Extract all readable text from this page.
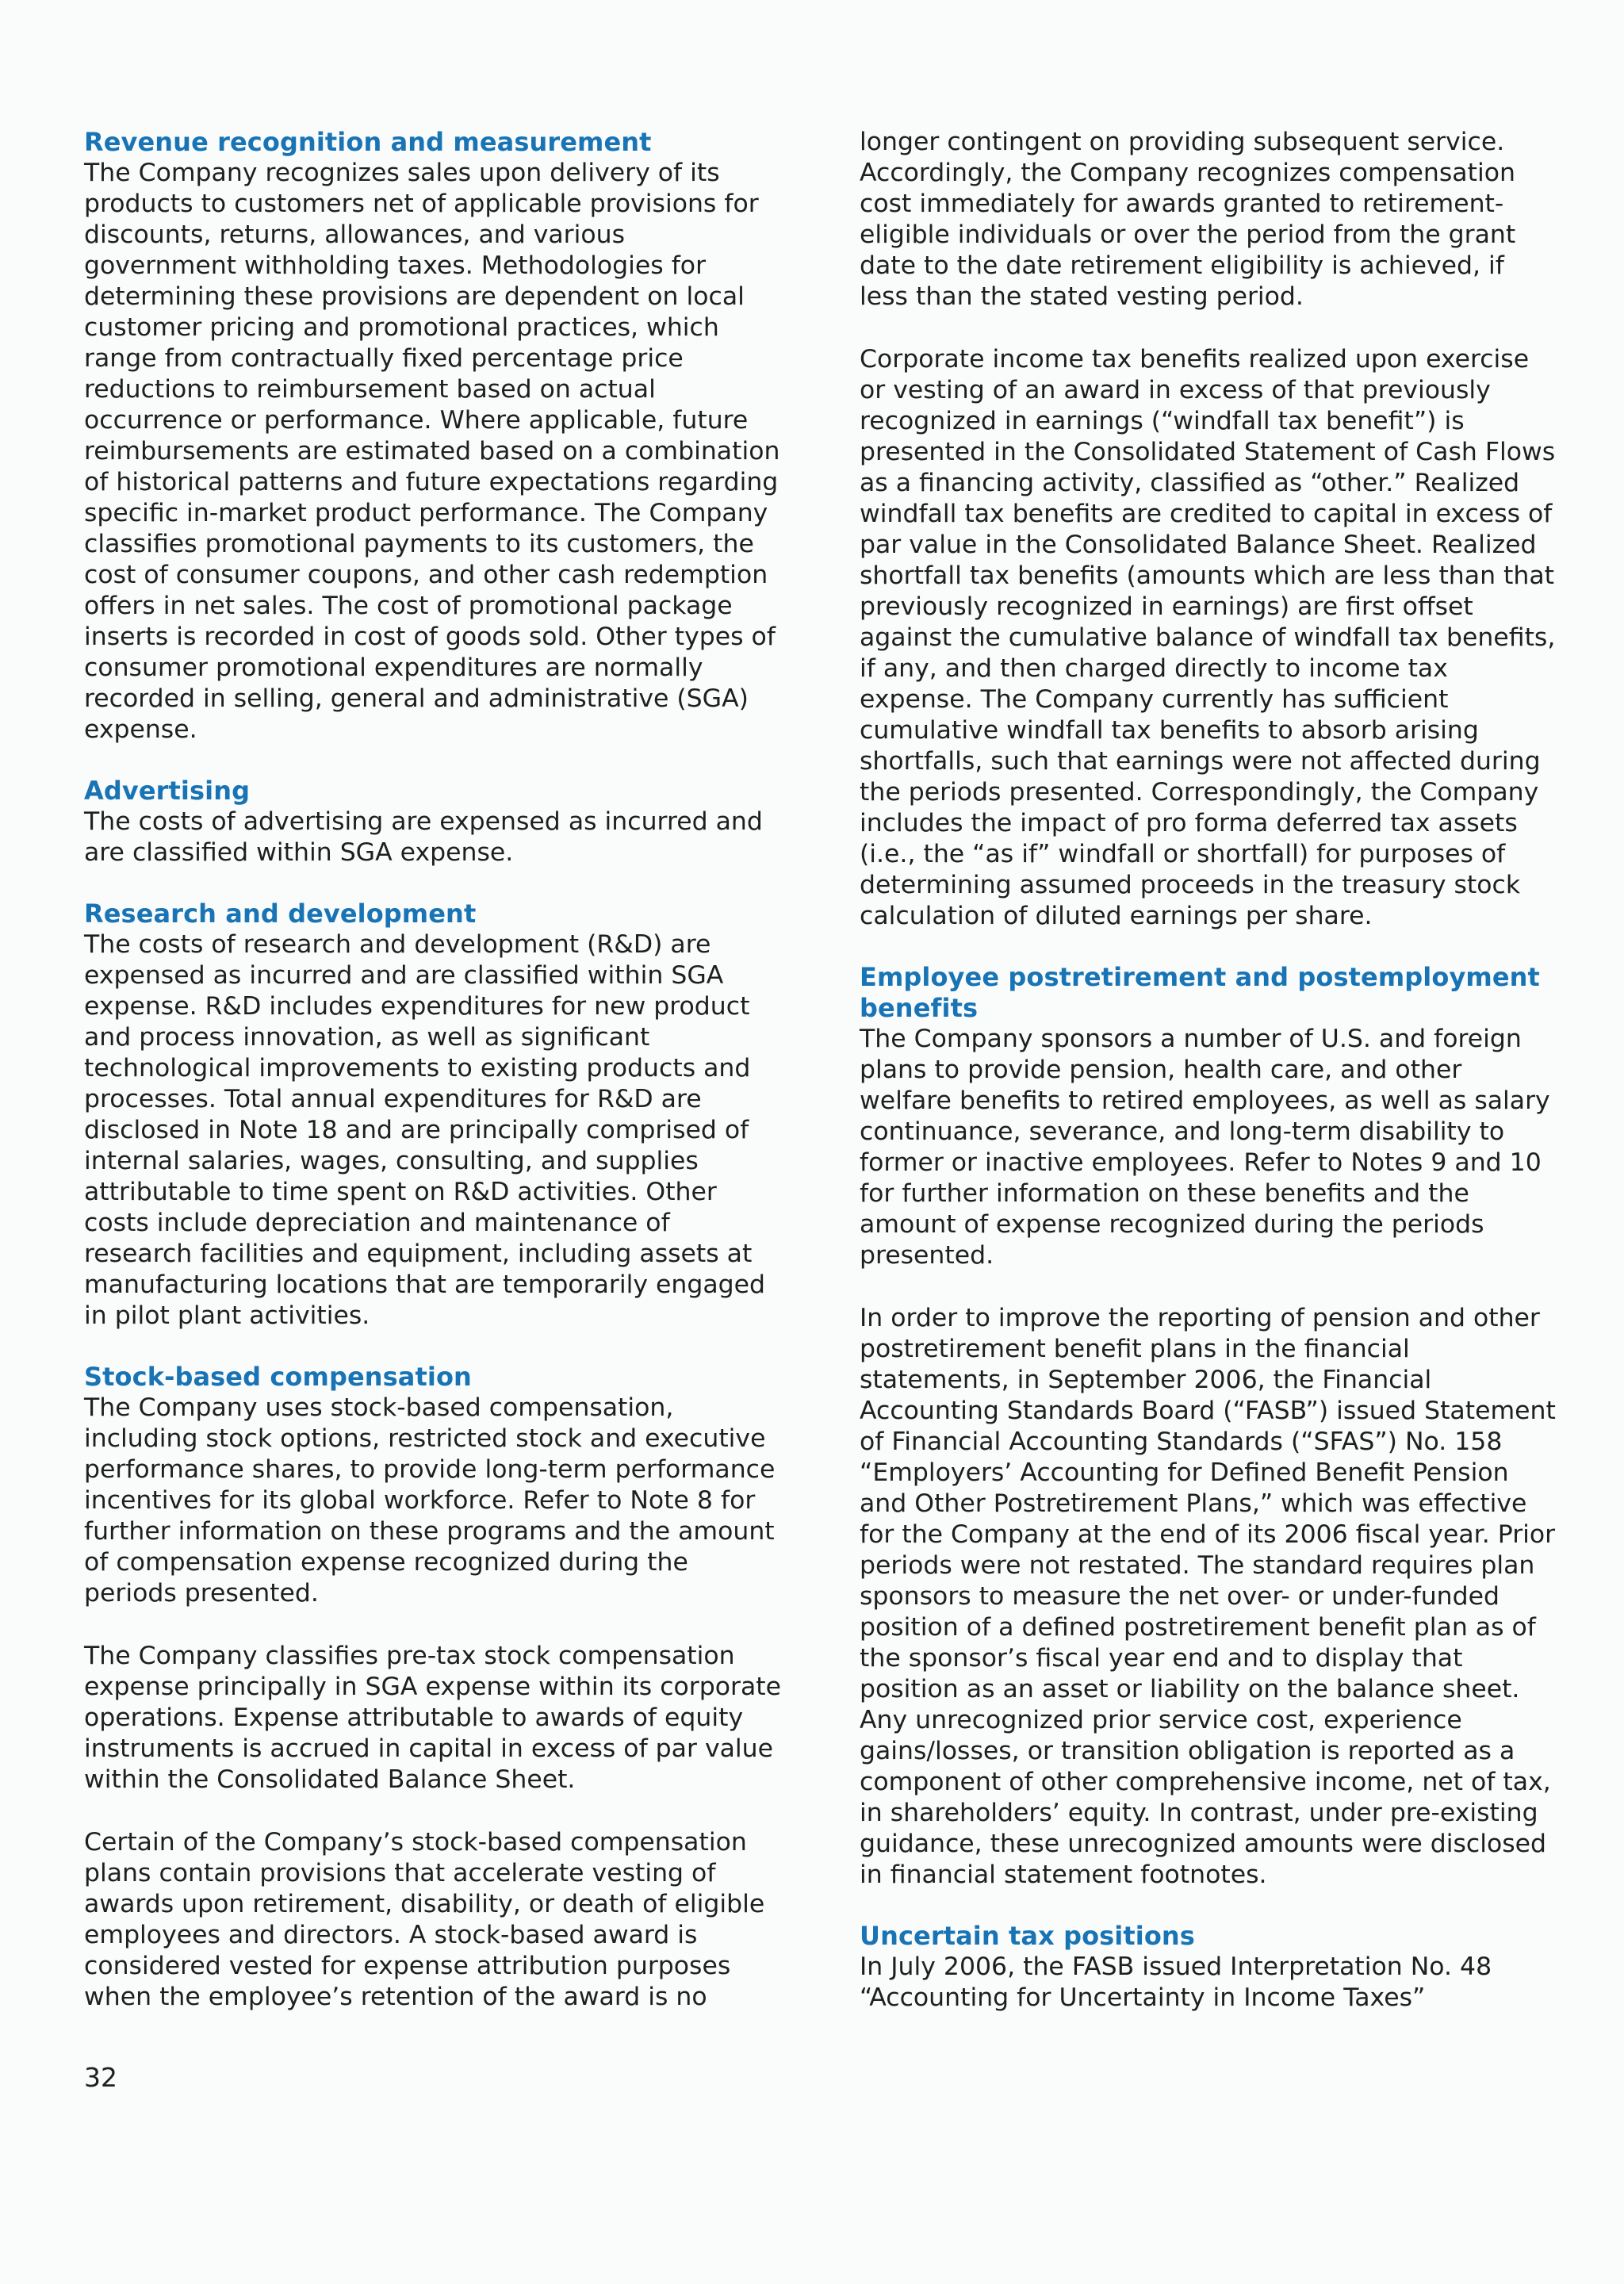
Revenue recognition and measurement

The Company recognizes sales upon delivery of its products to customers net of applicable provisions for discounts, returns, allowances, and various government withholding taxes. Methodologies for determining these provisions are dependent on local customer pricing and promotional practices, which range from contractually fixed percentage price reductions to reimbursement based on actual occurrence or performance. Where applicable, future reimbursements are estimated based on a combination of historical patterns and future expectations regarding specific in-market product performance. The Company classifies promotional payments to its customers, the cost of consumer coupons, and other cash redemption offers in net sales. The cost of promotional package inserts is recorded in cost of goods sold. Other types of consumer promotional expenditures are normally recorded in selling, general and administrative (SGA) expense.

Advertising

The costs of advertising are expensed as incurred and are classified within SGA expense.

Research and development

The costs of research and development (R&D) are expensed as incurred and are classified within SGA expense. R&D includes expenditures for new product and process innovation, as well as significant technological improvements to existing products and processes. Total annual expenditures for R&D are disclosed in Note 18 and are principally comprised of internal salaries, wages, consulting, and supplies attributable to time spent on R&D activities. Other costs include depreciation and maintenance of research facilities and equipment, including assets at manufacturing locations that are temporarily engaged in pilot plant activities.

Stock-based compensation

The Company uses stock-based compensation, including stock options, restricted stock and executive performance shares, to provide long-term performance incentives for its global workforce. Refer to Note 8 for further information on these programs and the amount of compensation expense recognized during the periods presented.

The Company classifies pre-tax stock compensation expense principally in SGA expense within its corporate operations. Expense attributable to awards of equity instruments is accrued in capital in excess of par value within the Consolidated Balance Sheet.

Certain of the Company’s stock-based compensation plans contain provisions that accelerate vesting of awards upon retirement, disability, or death of eligible employees and directors. A stock-based award is considered vested for expense attribution purposes when the employee’s retention of the award is no

longer contingent on providing subsequent service. Accordingly, the Company recognizes compensation cost immediately for awards granted to retirement-eligible individuals or over the period from the grant date to the date retirement eligibility is achieved, if less than the stated vesting period.

Corporate income tax benefits realized upon exercise or vesting of an award in excess of that previously recognized in earnings (“windfall tax benefit”) is presented in the Consolidated Statement of Cash Flows as a financing activity, classified as “other.” Realized windfall tax benefits are credited to capital in excess of par value in the Consolidated Balance Sheet. Realized shortfall tax benefits (amounts which are less than that previously recognized in earnings) are first offset against the cumulative balance of windfall tax benefits, if any, and then charged directly to income tax expense. The Company currently has sufficient cumulative windfall tax benefits to absorb arising shortfalls, such that earnings were not affected during the periods presented. Correspondingly, the Company includes the impact of pro forma deferred tax assets (i.e., the “as if” windfall or shortfall) for purposes of determining assumed proceeds in the treasury stock calculation of diluted earnings per share.

Employee postretirement and postemployment benefits

The Company sponsors a number of U.S. and foreign plans to provide pension, health care, and other welfare benefits to retired employees, as well as salary continuance, severance, and long-term disability to former or inactive employees. Refer to Notes 9 and 10 for further information on these benefits and the amount of expense recognized during the periods presented.

In order to improve the reporting of pension and other postretirement benefit plans in the financial statements, in September 2006, the Financial Accounting Standards Board (“FASB”) issued Statement of Financial Accounting Standards (“SFAS”) No. 158 “Employers’ Accounting for Defined Benefit Pension and Other Postretirement Plans,” which was effective for the Company at the end of its 2006 fiscal year. Prior periods were not restated. The standard requires plan sponsors to measure the net over- or under-funded position of a defined postretirement benefit plan as of the sponsor’s fiscal year end and to display that position as an asset or liability on the balance sheet. Any unrecognized prior service cost, experience gains/losses, or transition obligation is reported as a component of other comprehensive income, net of tax, in shareholders’ equity. In contrast, under pre-existing guidance, these unrecognized amounts were disclosed in financial statement footnotes.

Uncertain tax positions

In July 2006, the FASB issued Interpretation No. 48 “Accounting for Uncertainty in Income Taxes”

32
